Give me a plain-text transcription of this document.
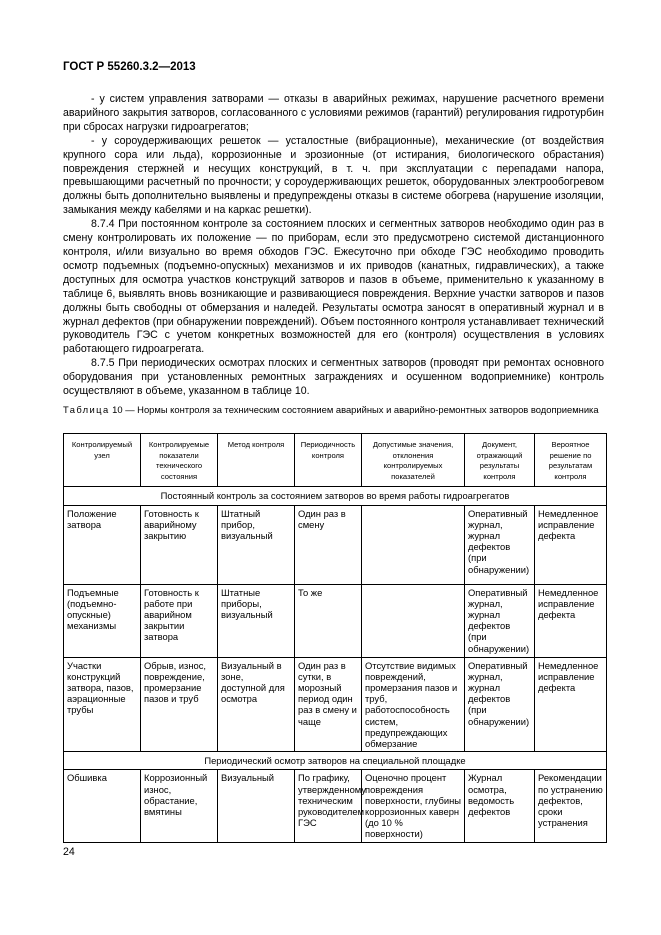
ГОСТ Р 55260.3.2—2013

- у систем управления затворами — отказы в аварийных режимах, нарушение расчетного времени аварийного закрытия затворов, согласованного с условиями режимов (гарантий) регулирования гидротурбин при сбросах нагрузки гидроагрегатов;

- у сороудерживающих решеток — усталостные (вибрационные), механические (от воздействия крупного сора или льда), коррозионные и эрозионные (от истирания, биологического обрастания) повреждения стержней и несущих конструкций, в т. ч. при эксплуатации с перепадами напора, превышающими расчетный по прочности; у сороудерживающих решеток, оборудованных электрообогревом должны быть дополнительно выявлены и предупреждены отказы в системе обогрева (нарушение изоляции, замыкания между кабелями и на каркас решетки).

8.7.4 При постоянном контроле за состоянием плоских и сегментных затворов необходимо один раз в смену контролировать их положение — по приборам, если это предусмотрено системой дистанционного контроля, и/или визуально во время обходов ГЭС. Ежесуточно при обходе ГЭС необходимо проводить осмотр подъемных (подъемно-опускных) механизмов и их приводов (канатных, гидравлических), а также доступных для осмотра участков конструкций затворов и пазов в объеме, применительно к указанному в таблице 6, выявлять вновь возникающие и развивающиеся повреждения. Верхние участки затворов и пазов должны быть свободны от обмерзания и наледей. Результаты осмотра заносят в оперативный журнал и в журнал дефектов (при обнаружении повреждений). Объем постоянного контроля устанавливает технический руководитель ГЭС с учетом конкретных возможностей для его (контроля) осуществления в условиях работающего гидроагрегата.

8.7.5 При периодических осмотрах плоских и сегментных затворов (проводят при ремонтах основного оборудования при установленных ремонтных заграждениях и осушенном водоприемнике) контроль осуществляют в объеме, указанном в таблице 10.

Таблица 10 — Нормы контроля за техническим состоянием аварийных и аварийно-ремонтных затворов водоприемника
Контролируемый узел	Контролируемые показатели технического состояния	Метод контроля	Периодичность контроля	Допустимые значения, отклонения контролируемых показателей	Документ, отражающий результаты контроля	Вероятное решение по результатам контроля
Постоянный контроль за состоянием затворов во время работы гидроагрегатов						
Положение затвора	Готовность к аварийному закрытию	Штатный прибор, визуальный	Один раз в смену		Оперативный журнал, журнал дефектов (при обнаружении)	Немедленное исправление дефекта
Подъемные (подъемно-опускные) механизмы	Готовность к работе при аварийном закрытии затвора	Штатные приборы, визуальный	То же		Оперативный журнал, журнал дефектов (при обнаружении)	Немедленное исправление дефекта
Участки конструкций затвора, пазов, аэрационные трубы	Обрыв, износ, повреждение, промерзание пазов и труб	Визуальный в зоне, доступной для осмотра	Один раз в сутки, в морозный период один раз в смену и чаще	Отсутствие видимых повреждений, промерзания пазов и труб, работоспособность систем, предупреждающих обмерзание	Оперативный журнал, журнал дефектов (при обнаружении)	Немедленное исправление дефекта
Периодический осмотр затворов на специальной площадке						
Обшивка	Коррозионный износ, обрастание, вмятины	Визуальный	По графику, утвержденному техническим руководителем ГЭС	Оценочно процент повреждения поверхности, глубины коррозионных каверн (до 10 % поверхности)	Журнал осмотра, ведомость дефектов	Рекомендации по устранению дефектов, сроки устранения
24
